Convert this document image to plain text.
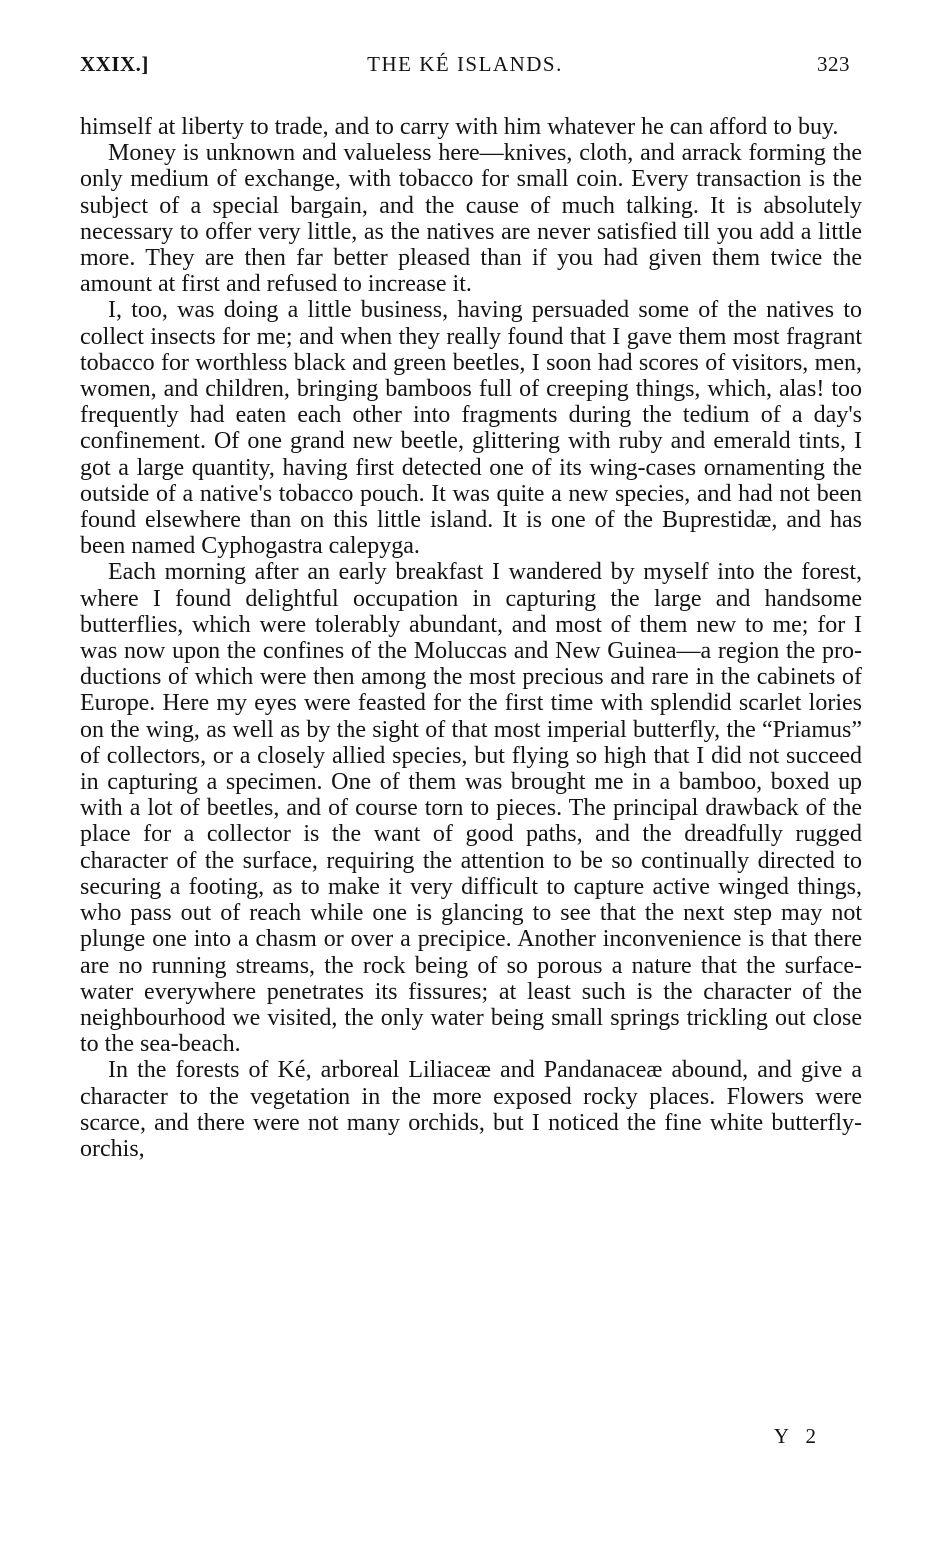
XXIX.]	THE KÉ ISLANDS.	323

himself at liberty to trade, and to carry with him whatever he can afford to buy.

Money is unknown and valueless here—knives, cloth, and arrack forming the only medium of exchange, with tobacco for small coin. Every transaction is the subject of a special bargain, and the cause of much talking. It is absolutely necessary to offer very little, as the natives are never satisfied till you add a little more. They are then far better pleased than if you had given them twice the amount at first and refused to increase it.

I, too, was doing a little business, having persuaded some of the natives to collect insects for me; and when they really found that I gave them most fragrant tobacco for worthless black and green beetles, I soon had scores of visitors, men, women, and children, bringing bamboos full of creeping things, which, alas! too frequently had eaten each other into fragments during the tedium of a day's confinement. Of one grand new beetle, glittering with ruby and emerald tints, I got a large quantity, having first detected one of its wing-cases ornamenting the outside of a native's tobacco pouch. It was quite a new species, and had not been found elsewhere than on this little island. It is one of the Buprestidæ, and has been named Cyphogastra calepyga.

Each morning after an early breakfast I wandered by myself into the forest, where I found delightful occupation in capturing the large and handsome butterflies, which were tolerably abundant, and most of them new to me; for I was now upon the confines of the Moluccas and New Guinea—a region the productions of which were then among the most precious and rare in the cabinets of Europe. Here my eyes were feasted for the first time with splendid scarlet lories on the wing, as well as by the sight of that most imperial butterfly, the “Priamus” of collectors, or a closely allied species, but flying so high that I did not succeed in capturing a specimen. One of them was brought me in a bamboo, boxed up with a lot of beetles, and of course torn to pieces. The principal drawback of the place for a collector is the want of good paths, and the dreadfully rugged character of the surface, requiring the attention to be so continually directed to securing a footing, as to make it very difficult to capture active winged things, who pass out of reach while one is glancing to see that the next step may not plunge one into a chasm or over a precipice. Another inconvenience is that there are no running streams, the rock being of so porous a nature that the surface-water everywhere penetrates its fissures; at least such is the character of the neighbourhood we visited, the only water being small springs trickling out close to the sea-beach.

In the forests of Ké, arboreal Liliaceæ and Pandanaceæ abound, and give a character to the vegetation in the more exposed rocky places. Flowers were scarce, and there were not many orchids, but I noticed the fine white butterfly-orchis,

Y 2
